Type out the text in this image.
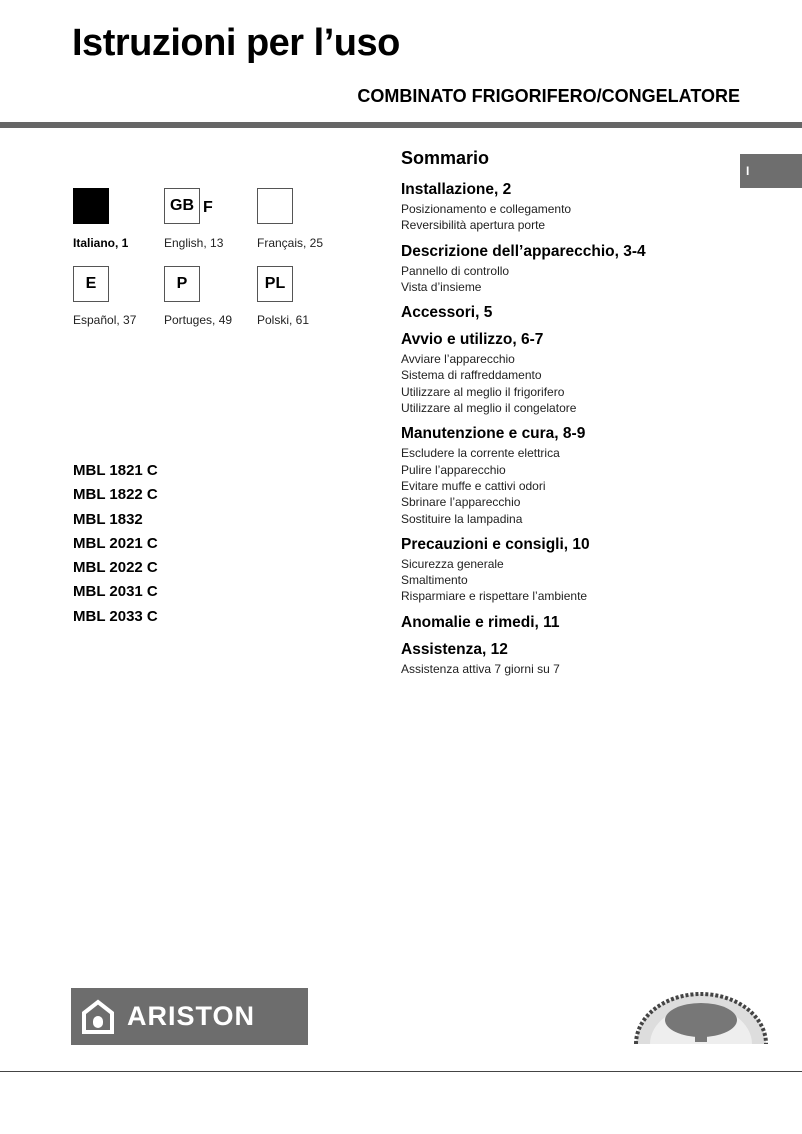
Istruzioni per l’uso
COMBINATO FRIGORIFERO/CONGELATORE
I
GB F
Italiano, 1	English, 13	Français, 25
E	P	PL
Español, 37 Portuges, 49 Polski, 61
MBL 1821 C
MBL 1822 C
MBL 1832
MBL 2021 C
MBL 2022 C
MBL 2031 C
MBL 2033 C
Sommario
Installazione, 2
Posizionamento e collegamento
Reversibilità apertura porte
Descrizione dell’apparecchio, 3-4
Pannello di controllo
Vista d’insieme
Accessori, 5
Avvio e utilizzo, 6-7
Avviare l’apparecchio
Sistema di raffreddamento
Utilizzare al meglio il frigorifero
Utilizzare al meglio il congelatore
Manutenzione e cura, 8-9
Escludere la corrente elettrica
Pulire l’apparecchio
Evitare muffe e cattivi odori
Sbrinare l’apparecchio
Sostituire la lampadina
Precauzioni e consigli, 10
Sicurezza generale
Smaltimento
Risparmiare e rispettare l’ambiente
Anomalie e rimedi, 11
Assistenza, 12
Assistenza attiva 7 giorni su 7
ARISTON
